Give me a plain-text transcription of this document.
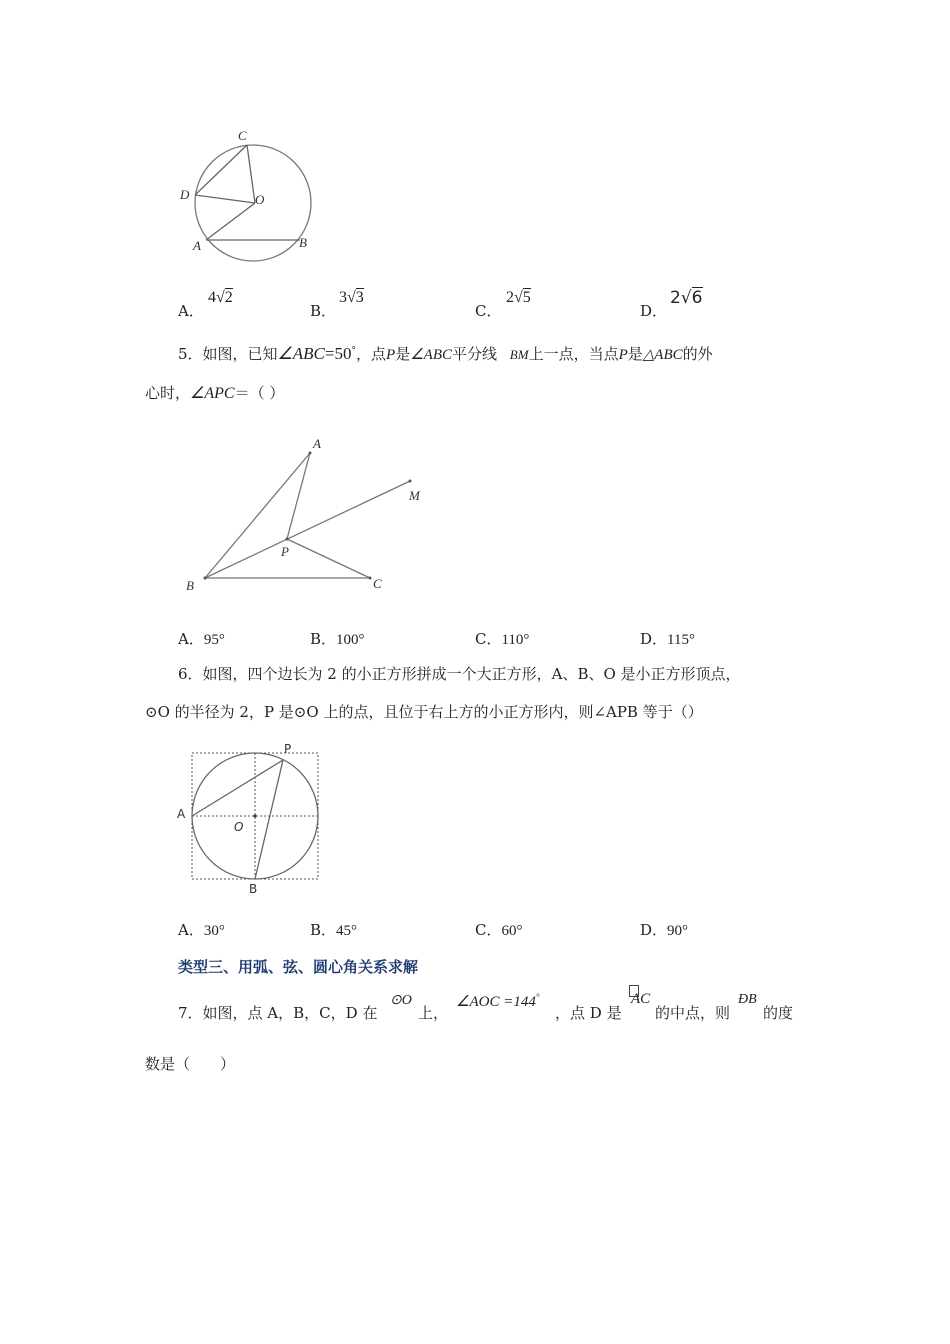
C
D	O
A	B
A．
4√2
B．
3√3
C．
2√5
D．
2√6
5．如图，已知∠ABC=50°，点P是∠ABC平分线 BM上一点，当点P是△ABC的外
心时，∠APC＝（ ）
A
M
P
B	C
A．95°	B．100°	C．110°	D．115°
6．如图，四个边长为 2 的小正方形拼成一个大正方形，A、B、O 是小正方形顶点，
⊙O 的半径为 2，P 是⊙O 上的点，且位于右上方的小正方形内，则∠APB 等于（）
P
A
O
B
A．30°	B．45°	C．60°	D．90°
类型三、用弧、弦、圆心角关系求解
7．如图，点 A，B，C，D 在
⊙O
上，
∠AOC =144°
，点 D 是
AC
的中点，则
ÐB
的度
数是（　　）
